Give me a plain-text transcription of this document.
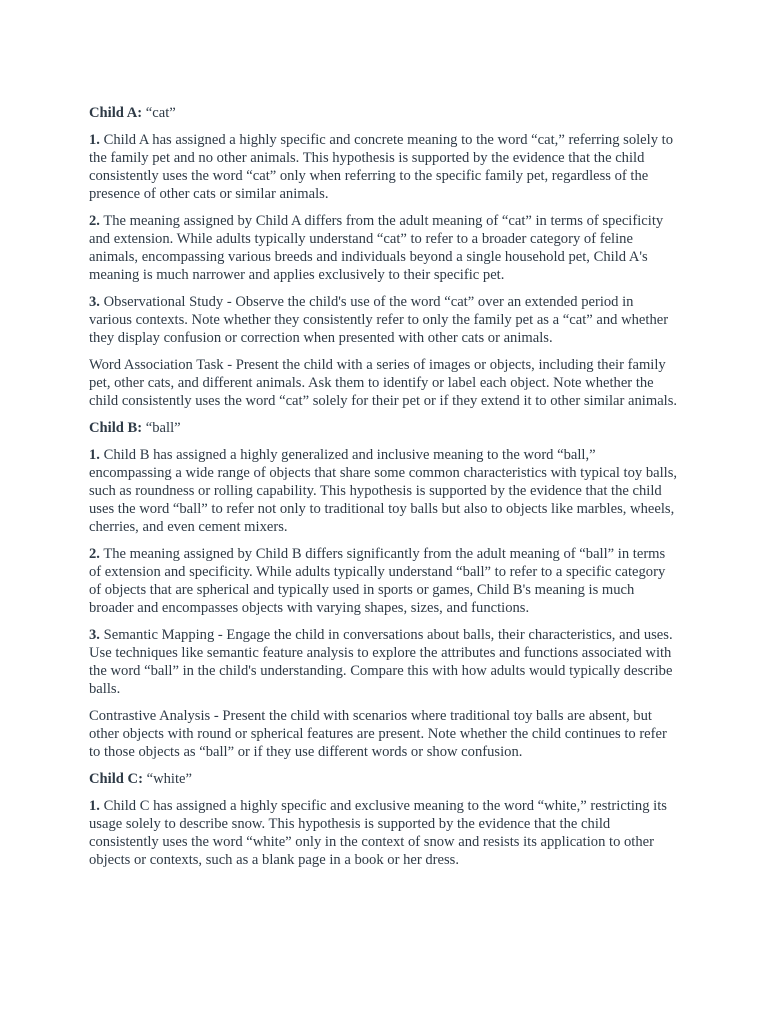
Child A: “cat”

1. Child A has assigned a highly specific and concrete meaning to the word “cat,” referring solely to the family pet and no other animals. This hypothesis is supported by the evidence that the child consistently uses the word “cat” only when referring to the specific family pet, regardless of the presence of other cats or similar animals.

2. The meaning assigned by Child A differs from the adult meaning of “cat” in terms of specificity and extension. While adults typically understand “cat” to refer to a broader category of feline animals, encompassing various breeds and individuals beyond a single household pet, Child A's meaning is much narrower and applies exclusively to their specific pet.

3. Observational Study - Observe the child's use of the word “cat” over an extended period in various contexts. Note whether they consistently refer to only the family pet as a “cat” and whether they display confusion or correction when presented with other cats or animals.

Word Association Task - Present the child with a series of images or objects, including their family pet, other cats, and different animals. Ask them to identify or label each object. Note whether the child consistently uses the word “cat” solely for their pet or if they extend it to other similar animals.

Child B: “ball”

1. Child B has assigned a highly generalized and inclusive meaning to the word “ball,” encompassing a wide range of objects that share some common characteristics with typical toy balls, such as roundness or rolling capability. This hypothesis is supported by the evidence that the child uses the word “ball” to refer not only to traditional toy balls but also to objects like marbles, wheels, cherries, and even cement mixers.

2. The meaning assigned by Child B differs significantly from the adult meaning of “ball” in terms of extension and specificity. While adults typically understand “ball” to refer to a specific category of objects that are spherical and typically used in sports or games, Child B's meaning is much broader and encompasses objects with varying shapes, sizes, and functions.

3. Semantic Mapping - Engage the child in conversations about balls, their characteristics, and uses. Use techniques like semantic feature analysis to explore the attributes and functions associated with the word “ball” in the child's understanding. Compare this with how adults would typically describe balls.

Contrastive Analysis - Present the child with scenarios where traditional toy balls are absent, but other objects with round or spherical features are present. Note whether the child continues to refer to those objects as “ball” or if they use different words or show confusion.

Child C: “white”

1. Child C has assigned a highly specific and exclusive meaning to the word “white,” restricting its usage solely to describe snow. This hypothesis is supported by the evidence that the child consistently uses the word “white” only in the context of snow and resists its application to other objects or contexts, such as a blank page in a book or her dress.
